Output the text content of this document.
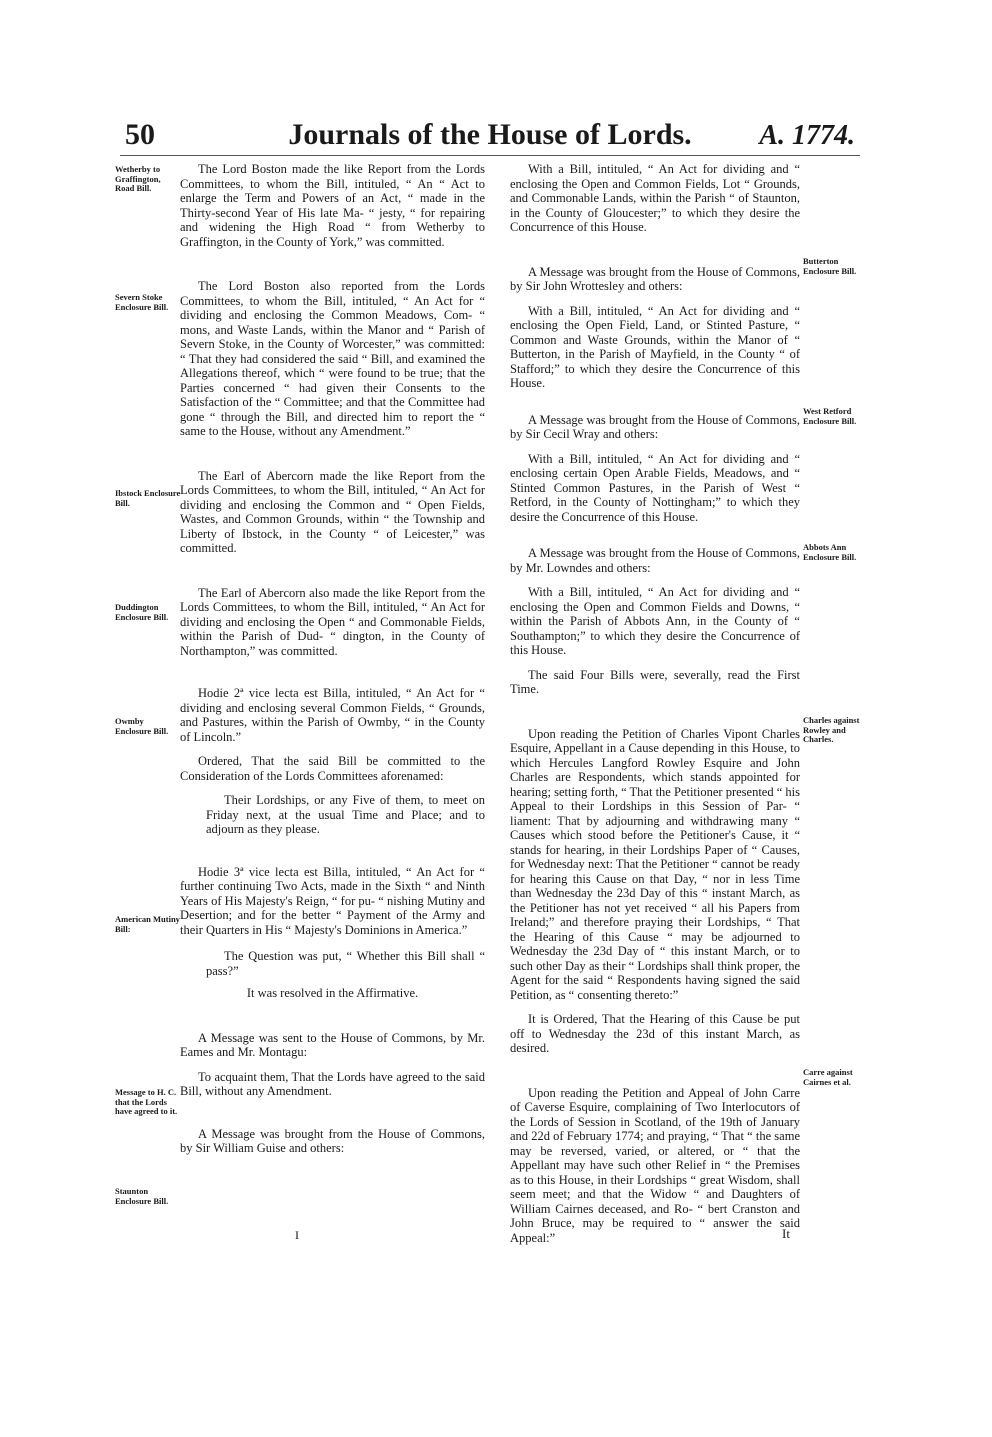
50	Journals of the House of Lords.	A. 1774.
Wetherby to Graffington, Road Bill.
Severn Stoke Enclosure Bill.
Ibstock Enclosure Bill.
Duddington Enclosure Bill.
Owmby Enclosure Bill.
American Mutiny Bill:
Message to H. C. that the Lords have agreed to it.
Staunton Enclosure Bill.

The Lord Boston made the like Report from the Lords Committees, to whom the Bill, intituled, “ An “ Act to enlarge the Term and Powers of an Act, “ made in the Thirty-second Year of His late Ma- “ jesty, “ for repairing and widening the High Road “ from Wetherby to Graffington, in the County of York,” was committed.

The Lord Boston also reported from the Lords Committees, to whom the Bill, intituled, “ An Act for “ dividing and enclosing the Common Meadows, Com- “ mons, and Waste Lands, within the Manor and “ Parish of Severn Stoke, in the County of Worcester,” was committed: “ That they had considered the said “ Bill, and examined the Allegations thereof, which “ were found to be true; that the Parties concerned “ had given their Consents to the Satisfaction of the “ Committee; and that the Committee had gone “ through the Bill, and directed him to report the “ same to the House, without any Amendment.”

The Earl of Abercorn made the like Report from the Lords Committees, to whom the Bill, intituled, “ An Act for dividing and enclosing the Common and “ Open Fields, Wastes, and Common Grounds, within “ the Township and Liberty of Ibstock, in the County “ of Leicester,” was committed.

The Earl of Abercorn also made the like Report from the Lords Committees, to whom the Bill, intituled, “ An Act for dividing and enclosing the Open “ and Commonable Fields, within the Parish of Dud- “ dington, in the County of Northampton,” was committed.

Hodie 2ª vice lecta est Billa, intituled, “ An Act for “ dividing and enclosing several Common Fields, “ Grounds, and Pastures, within the Parish of Owmby, “ in the County of Lincoln.”

Ordered, That the said Bill be committed to the Consideration of the Lords Committees aforenamed:

Their Lordships, or any Five of them, to meet on Friday next, at the usual Time and Place; and to adjourn as they please.

Hodie 3ª vice lecta est Billa, intituled, “ An Act for “ further continuing Two Acts, made in the Sixth “ and Ninth Years of His Majesty's Reign, “ for pu- “ nishing Mutiny and Desertion; and for the better “ Payment of the Army and their Quarters in His “ Majesty's Dominions in America.”

The Question was put, “ Whether this Bill shall “ pass?”

It was resolved in the Affirmative.

A Message was sent to the House of Commons, by Mr. Eames and Mr. Montagu:

To acquaint them, That the Lords have agreed to the said Bill, without any Amendment.

A Message was brought from the House of Commons, by Sir William Guise and others:

Butterton Enclosure Bill.
West Retford Enclosure Bill.
Abbots Ann Enclosure Bill.
Charles against Rowley and Charles.
Carre against Cairnes et al.

With a Bill, intituled, “ An Act for dividing and “ enclosing the Open and Common Fields, Lot “ Grounds, and Commonable Lands, within the Parish “ of Staunton, in the County of Gloucester;” to which they desire the Concurrence of this House.

A Message was brought from the House of Commons, by Sir John Wrottesley and others:

With a Bill, intituled, “ An Act for dividing and “ enclosing the Open Field, Land, or Stinted Pasture, “ Common and Waste Grounds, within the Manor of “ Butterton, in the Parish of Mayfield, in the County “ of Stafford;” to which they desire the Concurrence of this House.

A Message was brought from the House of Commons, by Sir Cecil Wray and others:

With a Bill, intituled, “ An Act for dividing and “ enclosing certain Open Arable Fields, Meadows, and “ Stinted Common Pastures, in the Parish of West “ Retford, in the County of Nottingham;” to which they desire the Concurrence of this House.

A Message was brought from the House of Commons, by Mr. Lowndes and others:

With a Bill, intituled, “ An Act for dividing and “ enclosing the Open and Common Fields and Downs, “ within the Parish of Abbots Ann, in the County of “ Southampton;” to which they desire the Concurrence of this House.

The said Four Bills were, severally, read the First Time.

Upon reading the Petition of Charles Vipont Charles Esquire, Appellant in a Cause depending in this House, to which Hercules Langford Rowley Esquire and John Charles are Respondents, which stands appointed for hearing; setting forth, “ That the Petitioner presented “ his Appeal to their Lordships in this Session of Par- “ liament: That by adjourning and withdrawing many “ Causes which stood before the Petitioner's Cause, it “ stands for hearing, in their Lordships Paper of “ Causes, for Wednesday next: That the Petitioner “ cannot be ready for hearing this Cause on that Day, “ nor in less Time than Wednesday the 23d Day of this “ instant March, as the Petitioner has not yet received “ all his Papers from Ireland;” and therefore praying their Lordships, “ That the Hearing of this Cause “ may be adjourned to Wednesday the 23d Day of “ this instant March, or to such other Day as their “ Lordships shall think proper, the Agent for the said “ Respondents having signed the said Petition, as “ consenting thereto:”

It is Ordered, That the Hearing of this Cause be put off to Wednesday the 23d of this instant March, as desired.

Upon reading the Petition and Appeal of John Carre of Caverse Esquire, complaining of Two Interlocutors of the Lords of Session in Scotland, of the 19th of January and 22d of February 1774; and praying, “ That “ the same may be reversed, varied, or altered, or “ that the Appellant may have such other Relief in “ the Premises as to this House, in their Lordships “ great Wisdom, shall seem meet; and that the Widow “ and Daughters of William Cairnes deceased, and Ro- “ bert Cranston and John Bruce, may be required to “ answer the said Appeal:”

I	It
